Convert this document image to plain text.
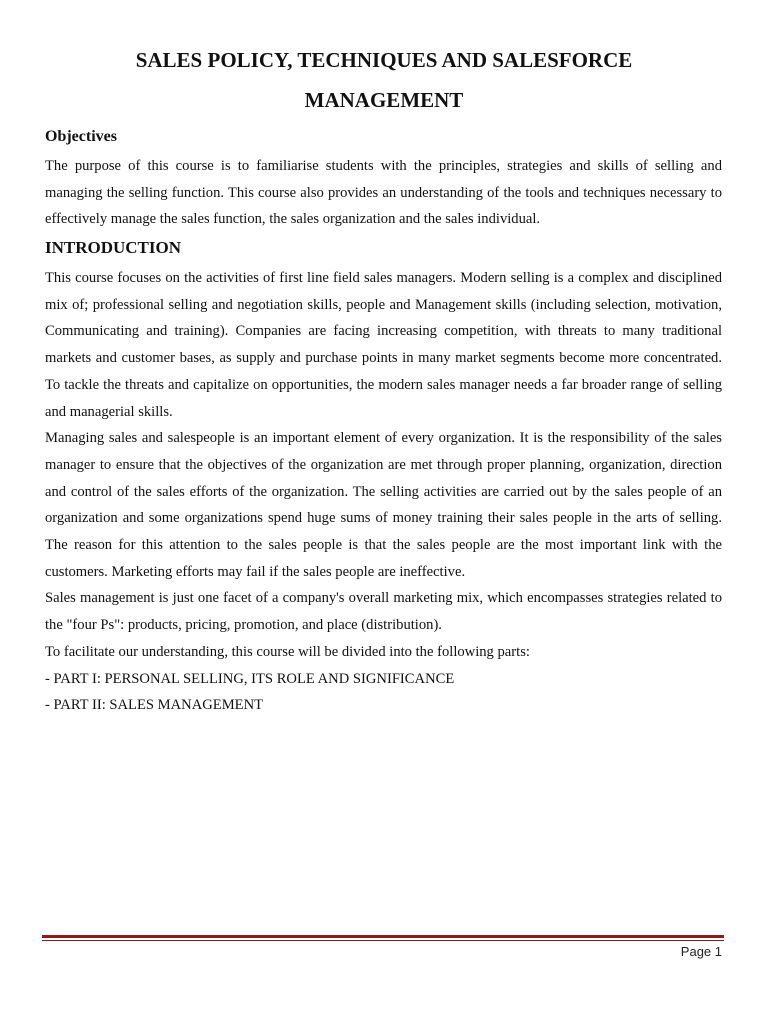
SALES POLICY, TECHNIQUES AND SALESFORCE
MANAGEMENT
Objectives

The purpose of this course is to familiarise students with the principles, strategies and skills of selling and managing the selling function. This course also provides an understanding of the tools and techniques necessary to effectively manage the sales function, the sales organization and the sales individual.

INTRODUCTION

This course focuses on the activities of first line field sales managers. Modern selling is a complex and disciplined mix of; professional selling and negotiation skills, people and Management skills (including selection, motivation, Communicating and training). Companies are facing increasing competition, with threats to many traditional markets and customer bases, as supply and purchase points in many market segments become more concentrated. To tackle the threats and capitalize on opportunities, the modern sales manager needs a far broader range of selling and managerial skills.

Managing sales and salespeople is an important element of every organization. It is the responsibility of the sales manager to ensure that the objectives of the organization are met through proper planning, organization, direction and control of the sales efforts of the organization. The selling activities are carried out by the sales people of an organization and some organizations spend huge sums of money training their sales people in the arts of selling. The reason for this attention to the sales people is that the sales people are the most important link with the customers. Marketing efforts may fail if the sales people are ineffective.

Sales management is just one facet of a company's overall marketing mix, which encompasses strategies related to the "four Ps": products, pricing, promotion, and place (distribution).

To facilitate our understanding, this course will be divided into the following parts:

- PART I: PERSONAL SELLING, ITS ROLE AND SIGNIFICANCE

- PART II: SALES MANAGEMENT

Page 1
